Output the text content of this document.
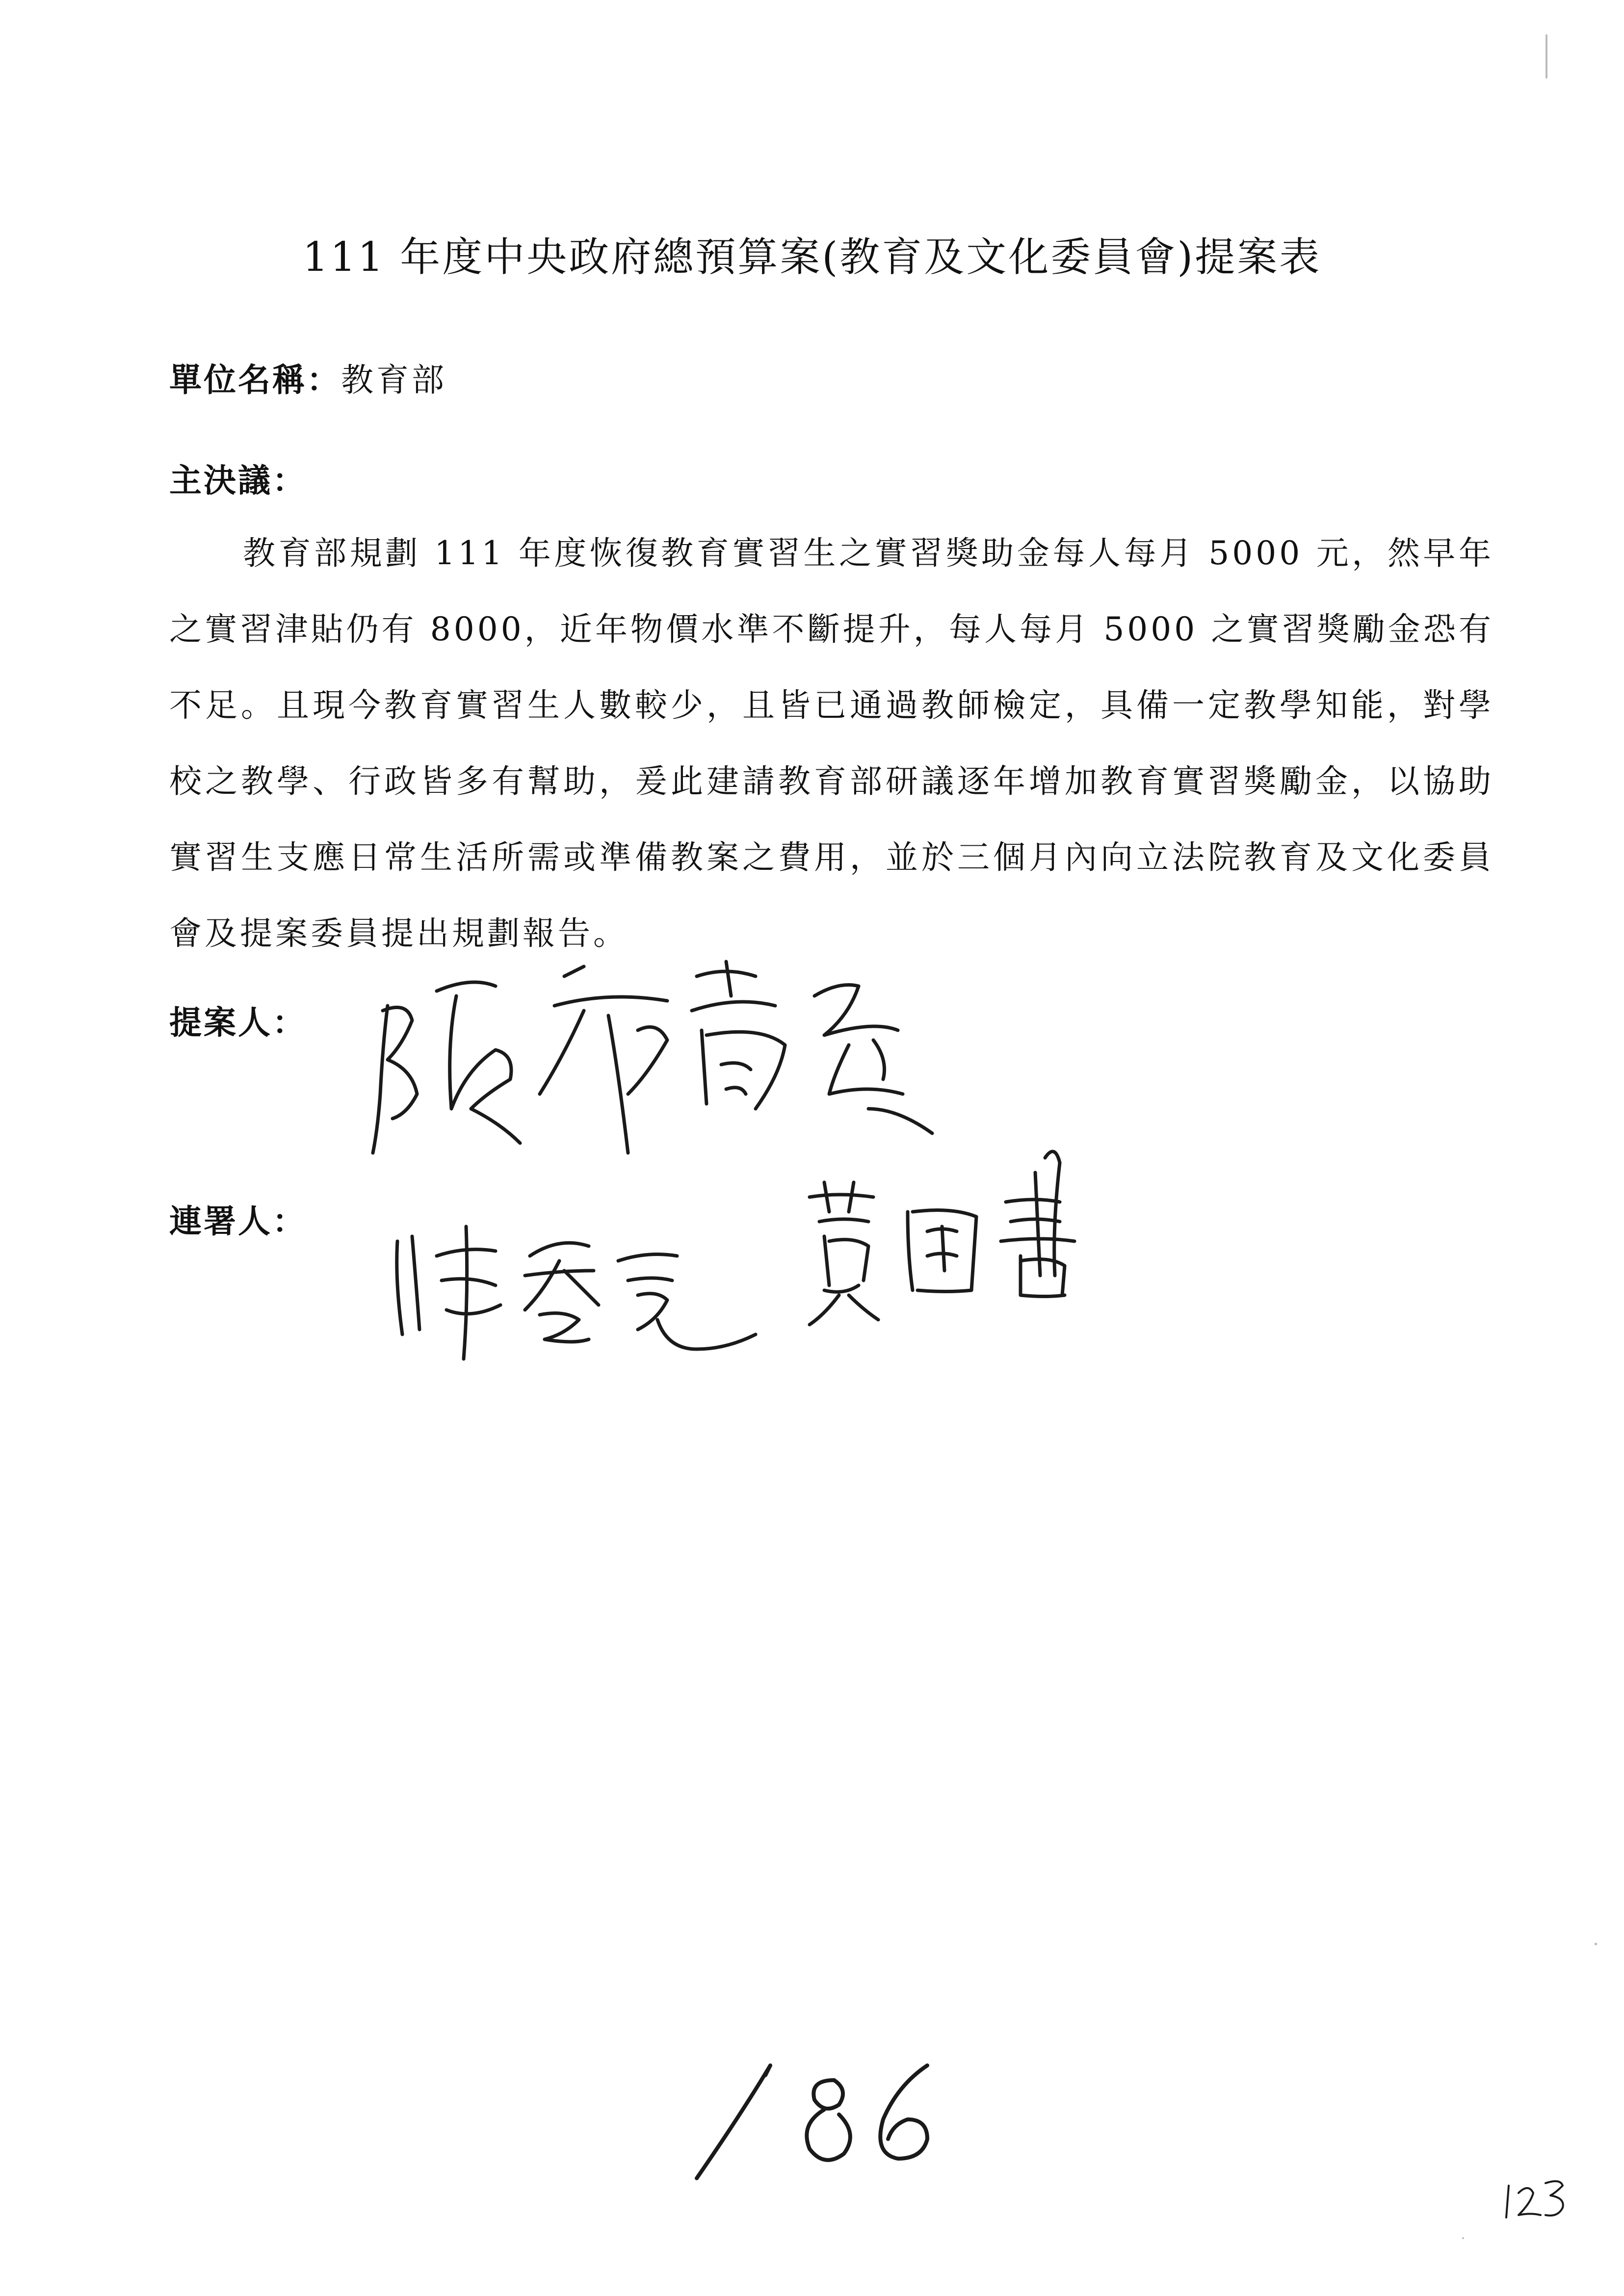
111 年度中央政府總預算案(教育及文化委員會)提案表
單位名稱：教育部
主決議：
教育部規劃 111 年度恢復教育實習生之實習獎助金每人每月 5000 元，然早年之實習津貼仍有 8000，近年物價水準不斷提升，每人每月 5000 之實習獎勵金恐有不足。且現今教育實習生人數較少，且皆已通過教師檢定，具備一定教學知能，對學校之教學、行政皆多有幫助，爰此建請教育部研議逐年增加教育實習獎勵金，以協助實習生支應日常生活所需或準備教案之費用，並於三個月內向立法院教育及文化委員會及提案委員提出規劃報告。
提案人：
連署人：
